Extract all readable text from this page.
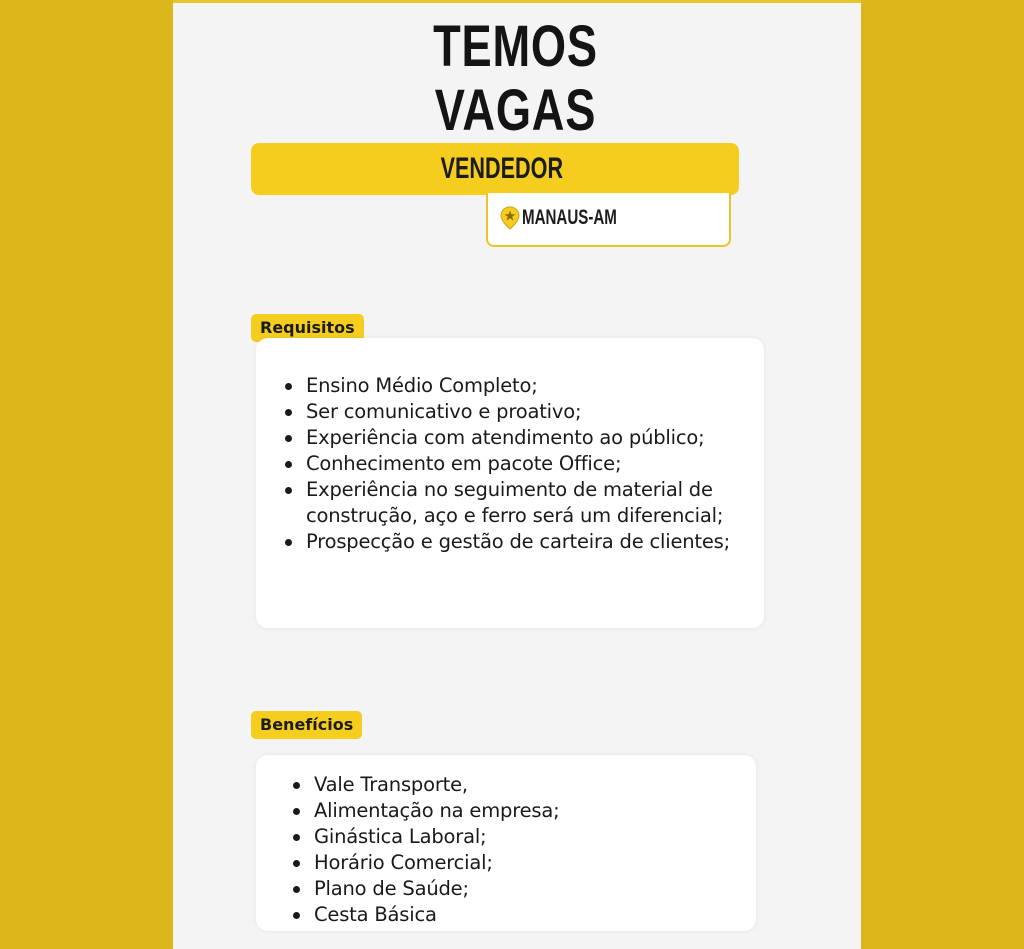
TEMOS
VAGAS
VENDEDOR
MANAUS-AM
Requisitos
Ensino Médio Completo;
Ser comunicativo e proativo;
Experiência com atendimento ao público;
Conhecimento em pacote Office;
Experiência no seguimento de material de construção, aço e ferro será um diferencial;
Prospecção e gestão de carteira de clientes;
Benefícios
Vale Transporte,
Alimentação na empresa;
Ginástica Laboral;
Horário Comercial;
Plano de Saúde;
Cesta Básica
